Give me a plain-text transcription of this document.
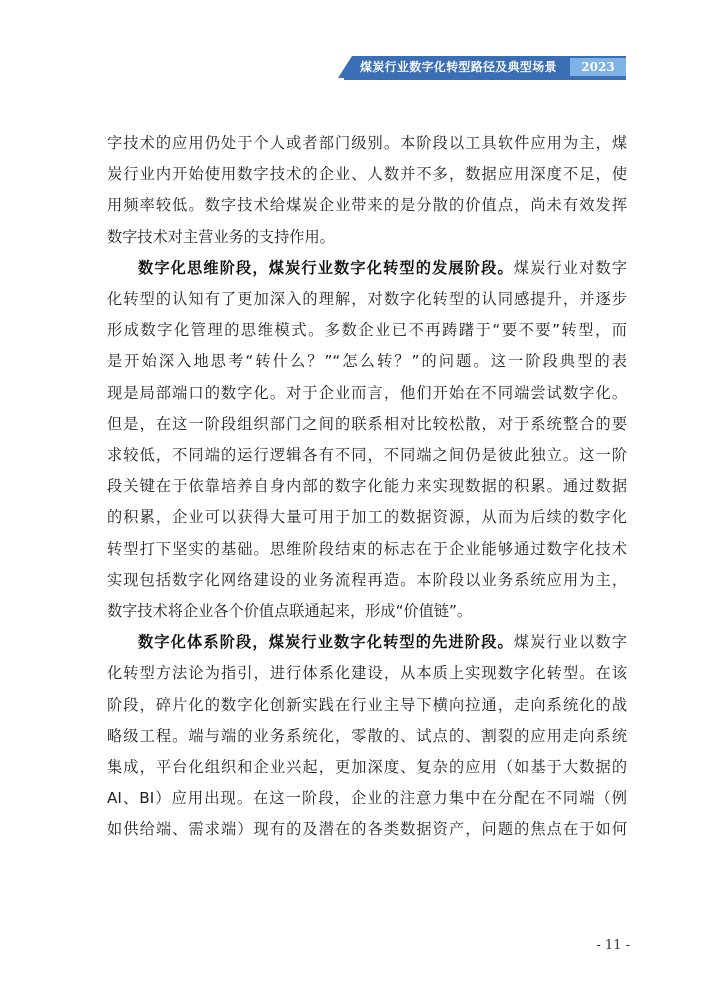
煤炭行业数字化转型路径及典型场景	2023

字技术的应用仍处于个人或者部门级别。本阶段以工具软件应用为主，煤
炭行业内开始使用数字技术的企业、人数并不多，数据应用深度不足，使
用频率较低。数字技术给煤炭企业带来的是分散的价值点，尚未有效发挥
数字技术对主营业务的支持作用。

数字化思维阶段，煤炭行业数字化转型的发展阶段。煤炭行业对数字
化转型的认知有了更加深入的理解，对数字化转型的认同感提升，并逐步
形成数字化管理的思维模式。多数企业已不再踌躇于“要不要”转型，而
是开始深入地思考“转什么？”“怎么转？”的问题。这一阶段典型的表
现是局部端口的数字化。对于企业而言，他们开始在不同端尝试数字化。
但是，在这一阶段组织部门之间的联系相对比较松散，对于系统整合的要
求较低，不同端的运行逻辑各有不同，不同端之间仍是彼此独立。这一阶
段关键在于依靠培养自身内部的数字化能力来实现数据的积累。通过数据
的积累，企业可以获得大量可用于加工的数据资源，从而为后续的数字化
转型打下坚实的基础。思维阶段结束的标志在于企业能够通过数字化技术
实现包括数字化网络建设的业务流程再造。本阶段以业务系统应用为主，
数字技术将企业各个价值点联通起来，形成“价值链”。

数字化体系阶段，煤炭行业数字化转型的先进阶段。煤炭行业以数字
化转型方法论为指引，进行体系化建设，从本质上实现数字化转型。在该
阶段，碎片化的数字化创新实践在行业主导下横向拉通，走向系统化的战
略级工程。端与端的业务系统化，零散的、试点的、割裂的应用走向系统
集成，平台化组织和企业兴起，更加深度、复杂的应用（如基于大数据的
AI、BI）应用出现。在这一阶段，企业的注意力集中在分配在不同端（例
如供给端、需求端）现有的及潜在的各类数据资产，问题的焦点在于如何

- 11 -
